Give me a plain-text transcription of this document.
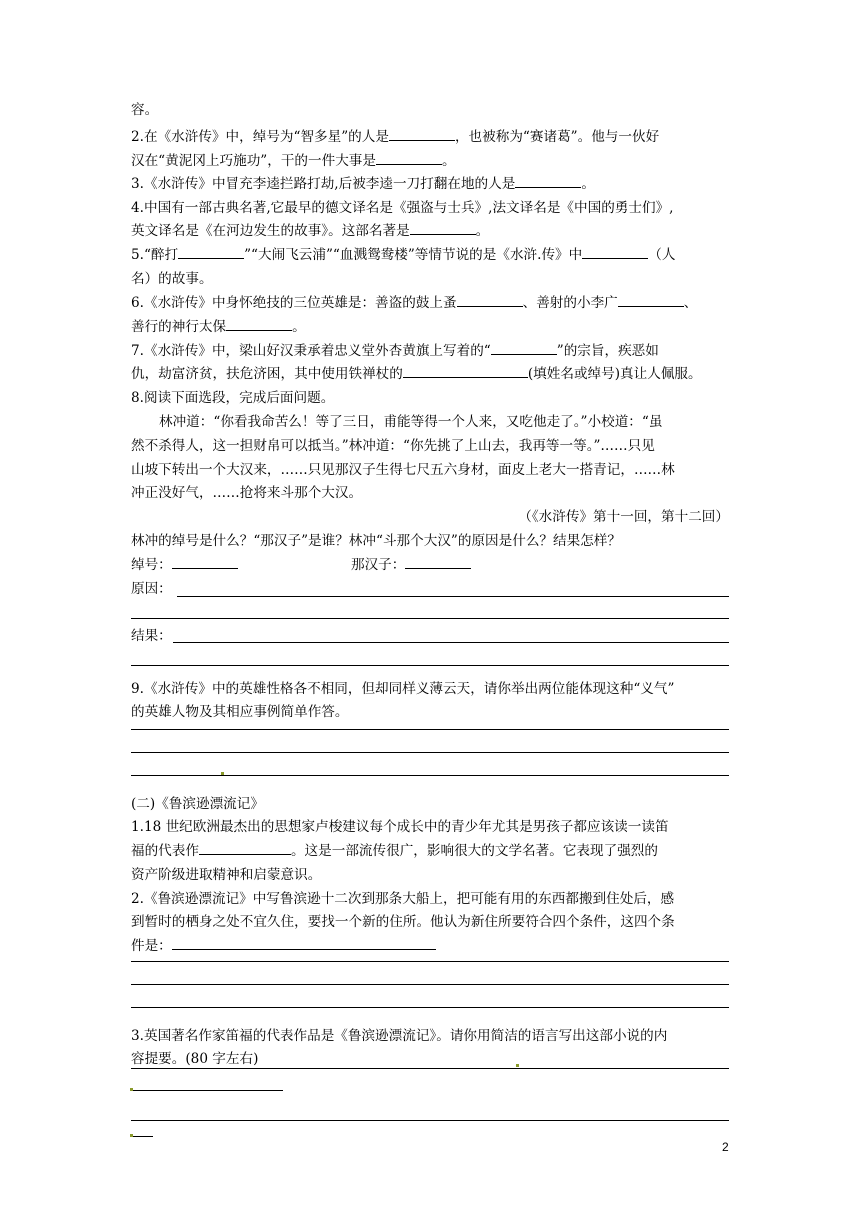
容。
2.在《水浒传》中，绰号为“智多星”的人是	，也被称为“赛诸葛”。他与一伙好
汉在“黄泥冈上巧施功”，干的一件大事是	。
3.《水浒传》中冒充李逵拦路打劫,后被李逵一刀打翻在地的人是	。
4.中国有一部古典名著,它最早的德文译名是《强盗与士兵》,法文译名是《中国的勇士们》,
英文译名是《在河边发生的故事》。这部名著是	。
5.“醉打	”“大闹飞云浦”“血溅鸳鸯楼”等情节说的是《水浒.传》中	（人
名）的故事。
6.《水浒传》中身怀绝技的三位英雄是：善盗的鼓上蚤	、善射的小李广	、
善行的神行太保	。
7.《水浒传》中，梁山好汉秉承着忠义堂外杏黄旗上写着的“	”的宗旨，疾恶如
仇，劫富济贫，扶危济困，其中使用铁禅杖的	(填姓名或绰号)真让人佩服。
8.阅读下面选段，完成后面问题。
林冲道：“你看我命苦么！等了三日，甫能等得一个人来，又吃他走了。”小校道：“虽
然不杀得人，这一担财帛可以抵当。”林冲道：“你先挑了上山去，我再等一等。”……只见
山坡下转出一个大汉来，……只见那汉子生得七尺五六身材，面皮上老大一搭青记，……林
冲正没好气，……抢将来斗那个大汉。
（《水浒传》第十一回，第十二回）
林冲的绰号是什么？“那汉子”是谁？林冲“斗那个大汉”的原因是什么？结果怎样？
绰号：	那汉子：
原因：
结果：
9.《水浒传》中的英雄性格各不相同，但却同样义薄云天，请你举出两位能体现这种“义气”
的英雄人物及其相应事例简单作答。
(二)《鲁滨逊漂流记》
1.18 世纪欧洲最杰出的思想家卢梭建议每个成长中的青少年尤其是男孩子都应该读一读笛
福的代表作	。这是一部流传很广，影响很大的文学名著。它表现了强烈的
资产阶级进取精神和启蒙意识。
2.《鲁滨逊漂流记》中写鲁滨逊十二次到那条大船上，把可能有用的东西都搬到住处后，感
到暂时的栖身之处不宜久住，要找一个新的住所。他认为新住所要符合四个条件，这四个条
件是：
3.英国著名作家笛福的代表作品是《鲁滨逊漂流记》。请你用简洁的语言写出这部小说的内
容提要。(80 字左右)
2
